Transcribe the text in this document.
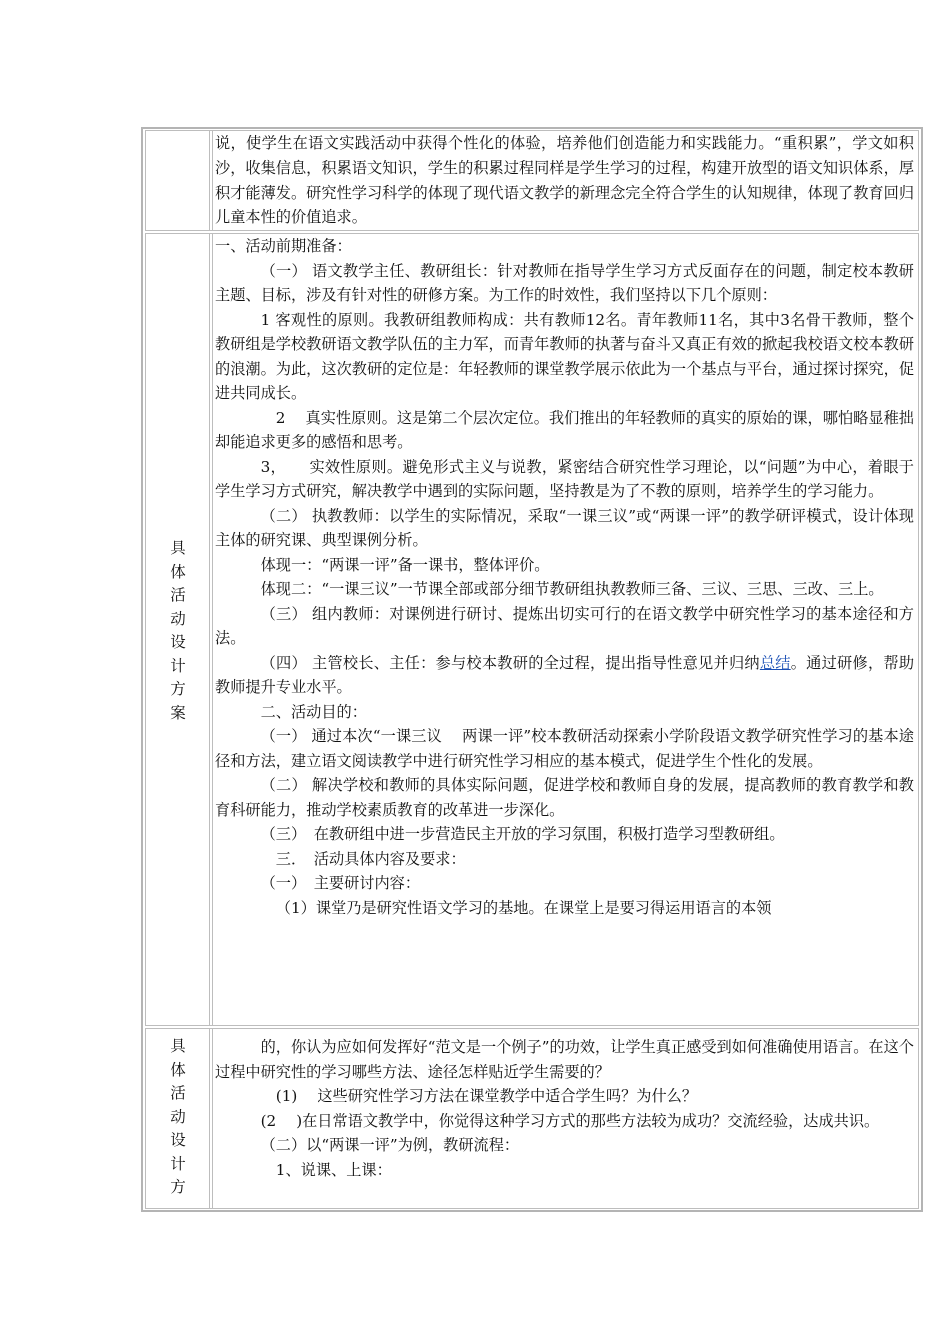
说，使学生在语文实践活动中获得个性化的体验，培养他们创造能力和实践能力。“重积累”，学文如积沙，收集信息，积累语文知识，学生的积累过程同样是学生学习的过程，构建开放型的语文知识体系，厚积才能薄发。研究性学习科学的体现了现代语文教学的新理念完全符合学生的认知规律，体现了教育回归儿童本性的价值追求。

具
体
活
动
设
计
方
案

一、活动前期准备：

（一） 语文教学主任、教研组长：针对教师在指导学生学习方式反面存在的问题，制定校本教研主题、目标，涉及有针对性的研修方案。为工作的时效性，我们坚持以下几个原则：

1 客观性的原则。我教研组教师构成：共有教师12名。青年教师11名，其中3名骨干教师，整个教研组是学校教研语文教学队伍的主力军，而青年教师的执著与奋斗又真正有效的掀起我校语文校本教研的浪潮。为此，这次教研的定位是：年轻教师的课堂教学展示依此为一个基点与平台，通过探讨探究，促进共同成长。

2　 真实性原则。这是第二个层次定位。我们推出的年轻教师的真实的原始的课，哪怕略显稚拙却能追求更多的感悟和思考。

3，　　实效性原则。避免形式主义与说教，紧密结合研究性学习理论，以“问题”为中心，着眼于学生学习方式研究，解决教学中遇到的实际问题，坚持教是为了不教的原则，培养学生的学习能力。

（二） 执教教师：以学生的实际情况，采取“一课三议”或“两课一评”的教学研评模式，设计体现主体的研究课、典型课例分析。

体现一：“两课一评”备一课书，整体评价。

体现二：“一课三议”一节课全部或部分细节教研组执教教师三备、三议、三思、三改、三上。

（三） 组内教师：对课例进行研讨、提炼出切实可行的在语文教学中研究性学习的基本途径和方法。

（四） 主管校长、主任：参与校本教研的全过程，提出指导性意见并归纳总结。通过研修，帮助教师提升专业水平。

二、活动目的：

（一） 通过本次“一课三议　 两课一评”校本教研活动探索小学阶段语文教学研究性学习的基本途径和方法，建立语文阅读教学中进行研究性学习相应的基本模式，促进学生个性化的发展。

（二） 解决学校和教师的具体实际问题，促进学校和教师自身的发展，提高教师的教育教学和教育科研能力，推动学校素质教育的改革进一步深化。

（三）　在教研组中进一步营造民主开放的学习氛围，积极打造学习型教研组。

三．　活动具体内容及要求：

（一）　主要研讨内容：

（1）课堂乃是研究性语文学习的基地。在课堂上是要习得运用语言的本领

具
体
活
动
设
计
方

的，你认为应如何发挥好“范文是一个例子”的功效，让学生真正感受到如何准确使用语言。在这个过程中研究性的学习哪些方法、途径怎样贴近学生需要的？

(1)　 这些研究性学习方法在课堂教学中适合学生吗？为什么？

(2　 )在日常语文教学中，你觉得这种学习方式的那些方法较为成功？交流经验，达成共识。

（二）以“两课一评”为例，教研流程：

1、说课、上课：
